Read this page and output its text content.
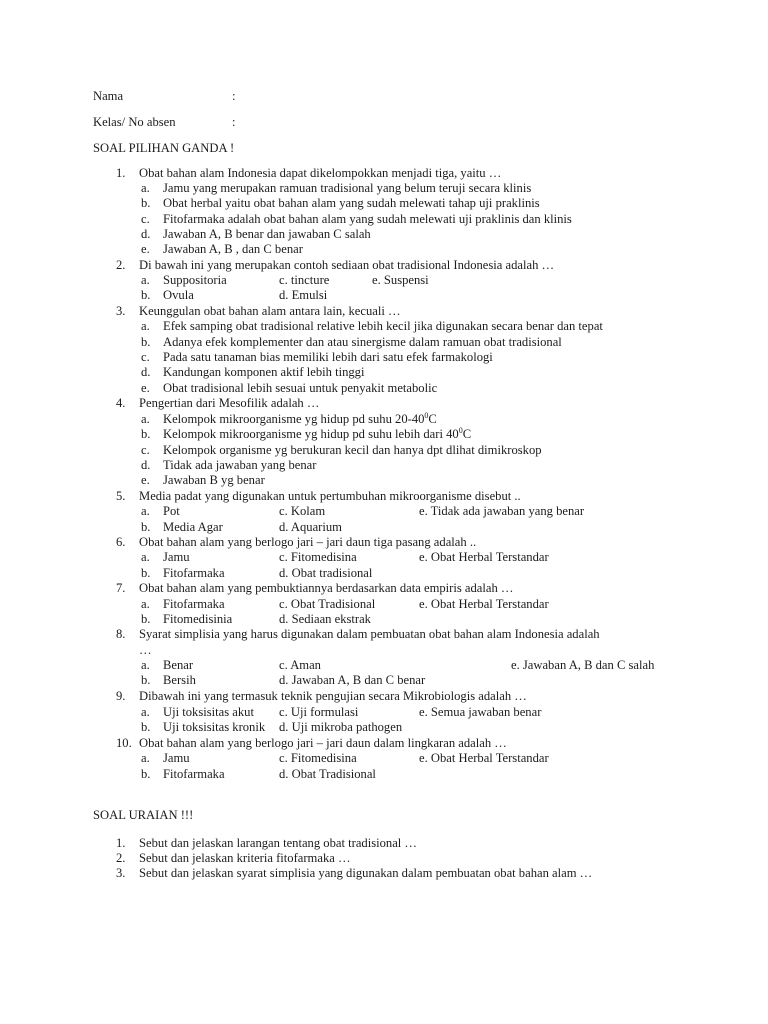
Nama	:
Kelas/ No absen	:
SOAL PILIHAN GANDA !
1. Obat bahan alam Indonesia dapat dikelompokkan menjadi tiga, yaitu …
a. Jamu yang merupakan ramuan tradisional yang belum teruji secara klinis
b. Obat herbal yaitu obat bahan alam yang sudah melewati tahap uji praklinis
c. Fitofarmaka adalah obat bahan alam yang sudah melewati uji praklinis dan klinis
d. Jawaban A, B benar dan jawaban C salah
e. Jawaban A, B , dan C benar
2. Di bawah ini yang merupakan contoh sediaan obat tradisional Indonesia adalah …
a. Suppositoria	c. tincture	e. Suspensi
b. Ovula	d. Emulsi
3. Keunggulan obat bahan alam antara lain, kecuali …
a. Efek samping obat tradisional relative lebih kecil jika digunakan secara benar dan tepat
b. Adanya efek komplementer dan atau sinergisme dalam ramuan obat tradisional
c. Pada satu tanaman bias memiliki lebih dari satu efek farmakologi
d. Kandungan komponen aktif lebih tinggi
e. Obat tradisional lebih sesuai untuk penyakit metabolic
4. Pengertian dari Mesofilik adalah …
a. Kelompok mikroorganisme yg hidup pd suhu $20-40^0C$
b. Kelompok mikroorganisme yg hidup pd suhu lebih dari $40^0C$
c. Kelompok organisme yg berukuran kecil dan hanya dpt dlihat dimikroskop
d. Tidak ada jawaban yang benar
e. Jawaban B yg benar
5. Media padat yang digunakan untuk pertumbuhan mikroorganisme disebut ..
a. Pot	c. Kolam	e. Tidak ada jawaban yang benar
b. Media Agar	d. Aquarium
6. Obat bahan alam yang berlogo jari – jari daun tiga pasang adalah ..
a. Jamu	c. Fitomedisina	e. Obat Herbal Terstandar
b. Fitofarmaka	d. Obat tradisional
7. Obat bahan alam yang pembuktiannya berdasarkan data empiris adalah …
a. Fitofarmaka	c. Obat Tradisional	e. Obat Herbal Terstandar
b. Fitomedisinia	d. Sediaan ekstrak
8. Syarat simplisia yang harus digunakan dalam pembuatan obat bahan alam Indonesia adalah
…
a. Benar	c. Aman	e. Jawaban A, B dan C salah
b. Bersih	d. Jawaban A, B dan C benar
9. Dibawah ini yang termasuk teknik pengujian secara Mikrobiologis adalah …
a. Uji toksisitas akut c. Uji formulasi	e. Semua jawaban benar
b. Uji toksisitas kronik d. Uji mikroba pathogen
10. Obat bahan alam yang berlogo jari – jari daun dalam lingkaran adalah …
a. Jamu	c. Fitomedisina	e. Obat Herbal Terstandar
b. Fitofarmaka	d. Obat Tradisional
SOAL URAIAN !!!
1. Sebut dan jelaskan larangan tentang obat tradisional …
2. Sebut dan jelaskan kriteria fitofarmaka …
3. Sebut dan jelaskan syarat simplisia yang digunakan dalam pembuatan obat bahan alam …
